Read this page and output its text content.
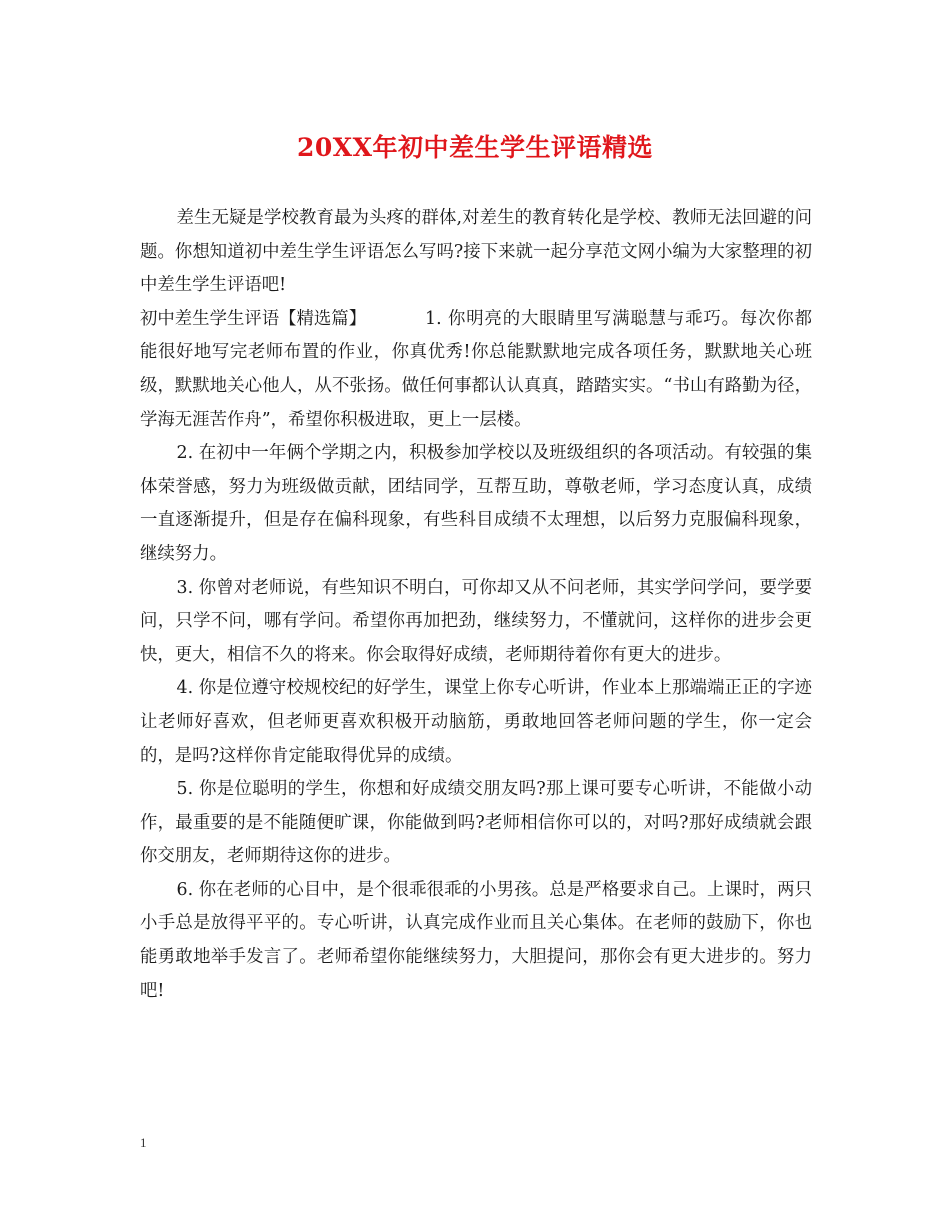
20XX年初中差生学生评语精选

差生无疑是学校教育最为头疼的群体,对差生的教育转化是学校、教师无法回避的问题。你想知道初中差生学生评语怎么写吗?接下来就一起分享范文网小编为大家整理的初中差生学生评语吧!

初中差生学生评语【精选篇】	1. 你明亮的大眼睛里写满聪慧与乖巧。每次你都能很好地写完老师布置的作业，你真优秀!你总能默默地完成各项任务，默默地关心班级，默默地关心他人，从不张扬。做任何事都认认真真，踏踏实实。“书山有路勤为径，学海无涯苦作舟”，希望你积极进取，更上一层楼。

2. 在初中一年俩个学期之内，积极参加学校以及班级组织的各项活动。有较强的集体荣誉感，努力为班级做贡献，团结同学，互帮互助，尊敬老师，学习态度认真，成绩一直逐渐提升，但是存在偏科现象，有些科目成绩不太理想，以后努力克服偏科现象，继续努力。

3. 你曾对老师说，有些知识不明白，可你却又从不问老师，其实学问学问，要学要问，只学不问，哪有学问。希望你再加把劲，继续努力，不懂就问，这样你的进步会更快，更大，相信不久的将来。你会取得好成绩，老师期待着你有更大的进步。

4. 你是位遵守校规校纪的好学生，课堂上你专心听讲，作业本上那端端正正的字迹让老师好喜欢，但老师更喜欢积极开动脑筋，勇敢地回答老师问题的学生，你一定会的，是吗?这样你肯定能取得优异的成绩。

5. 你是位聪明的学生，你想和好成绩交朋友吗?那上课可要专心听讲，不能做小动作，最重要的是不能随便旷课，你能做到吗?老师相信你可以的，对吗?那好成绩就会跟你交朋友，老师期待这你的进步。

6. 你在老师的心目中，是个很乖很乖的小男孩。总是严格要求自己。上课时，两只小手总是放得平平的。专心听讲，认真完成作业而且关心集体。在老师的鼓励下，你也能勇敢地举手发言了。老师希望你能继续努力，大胆提问，那你会有更大进步的。努力吧!

1
